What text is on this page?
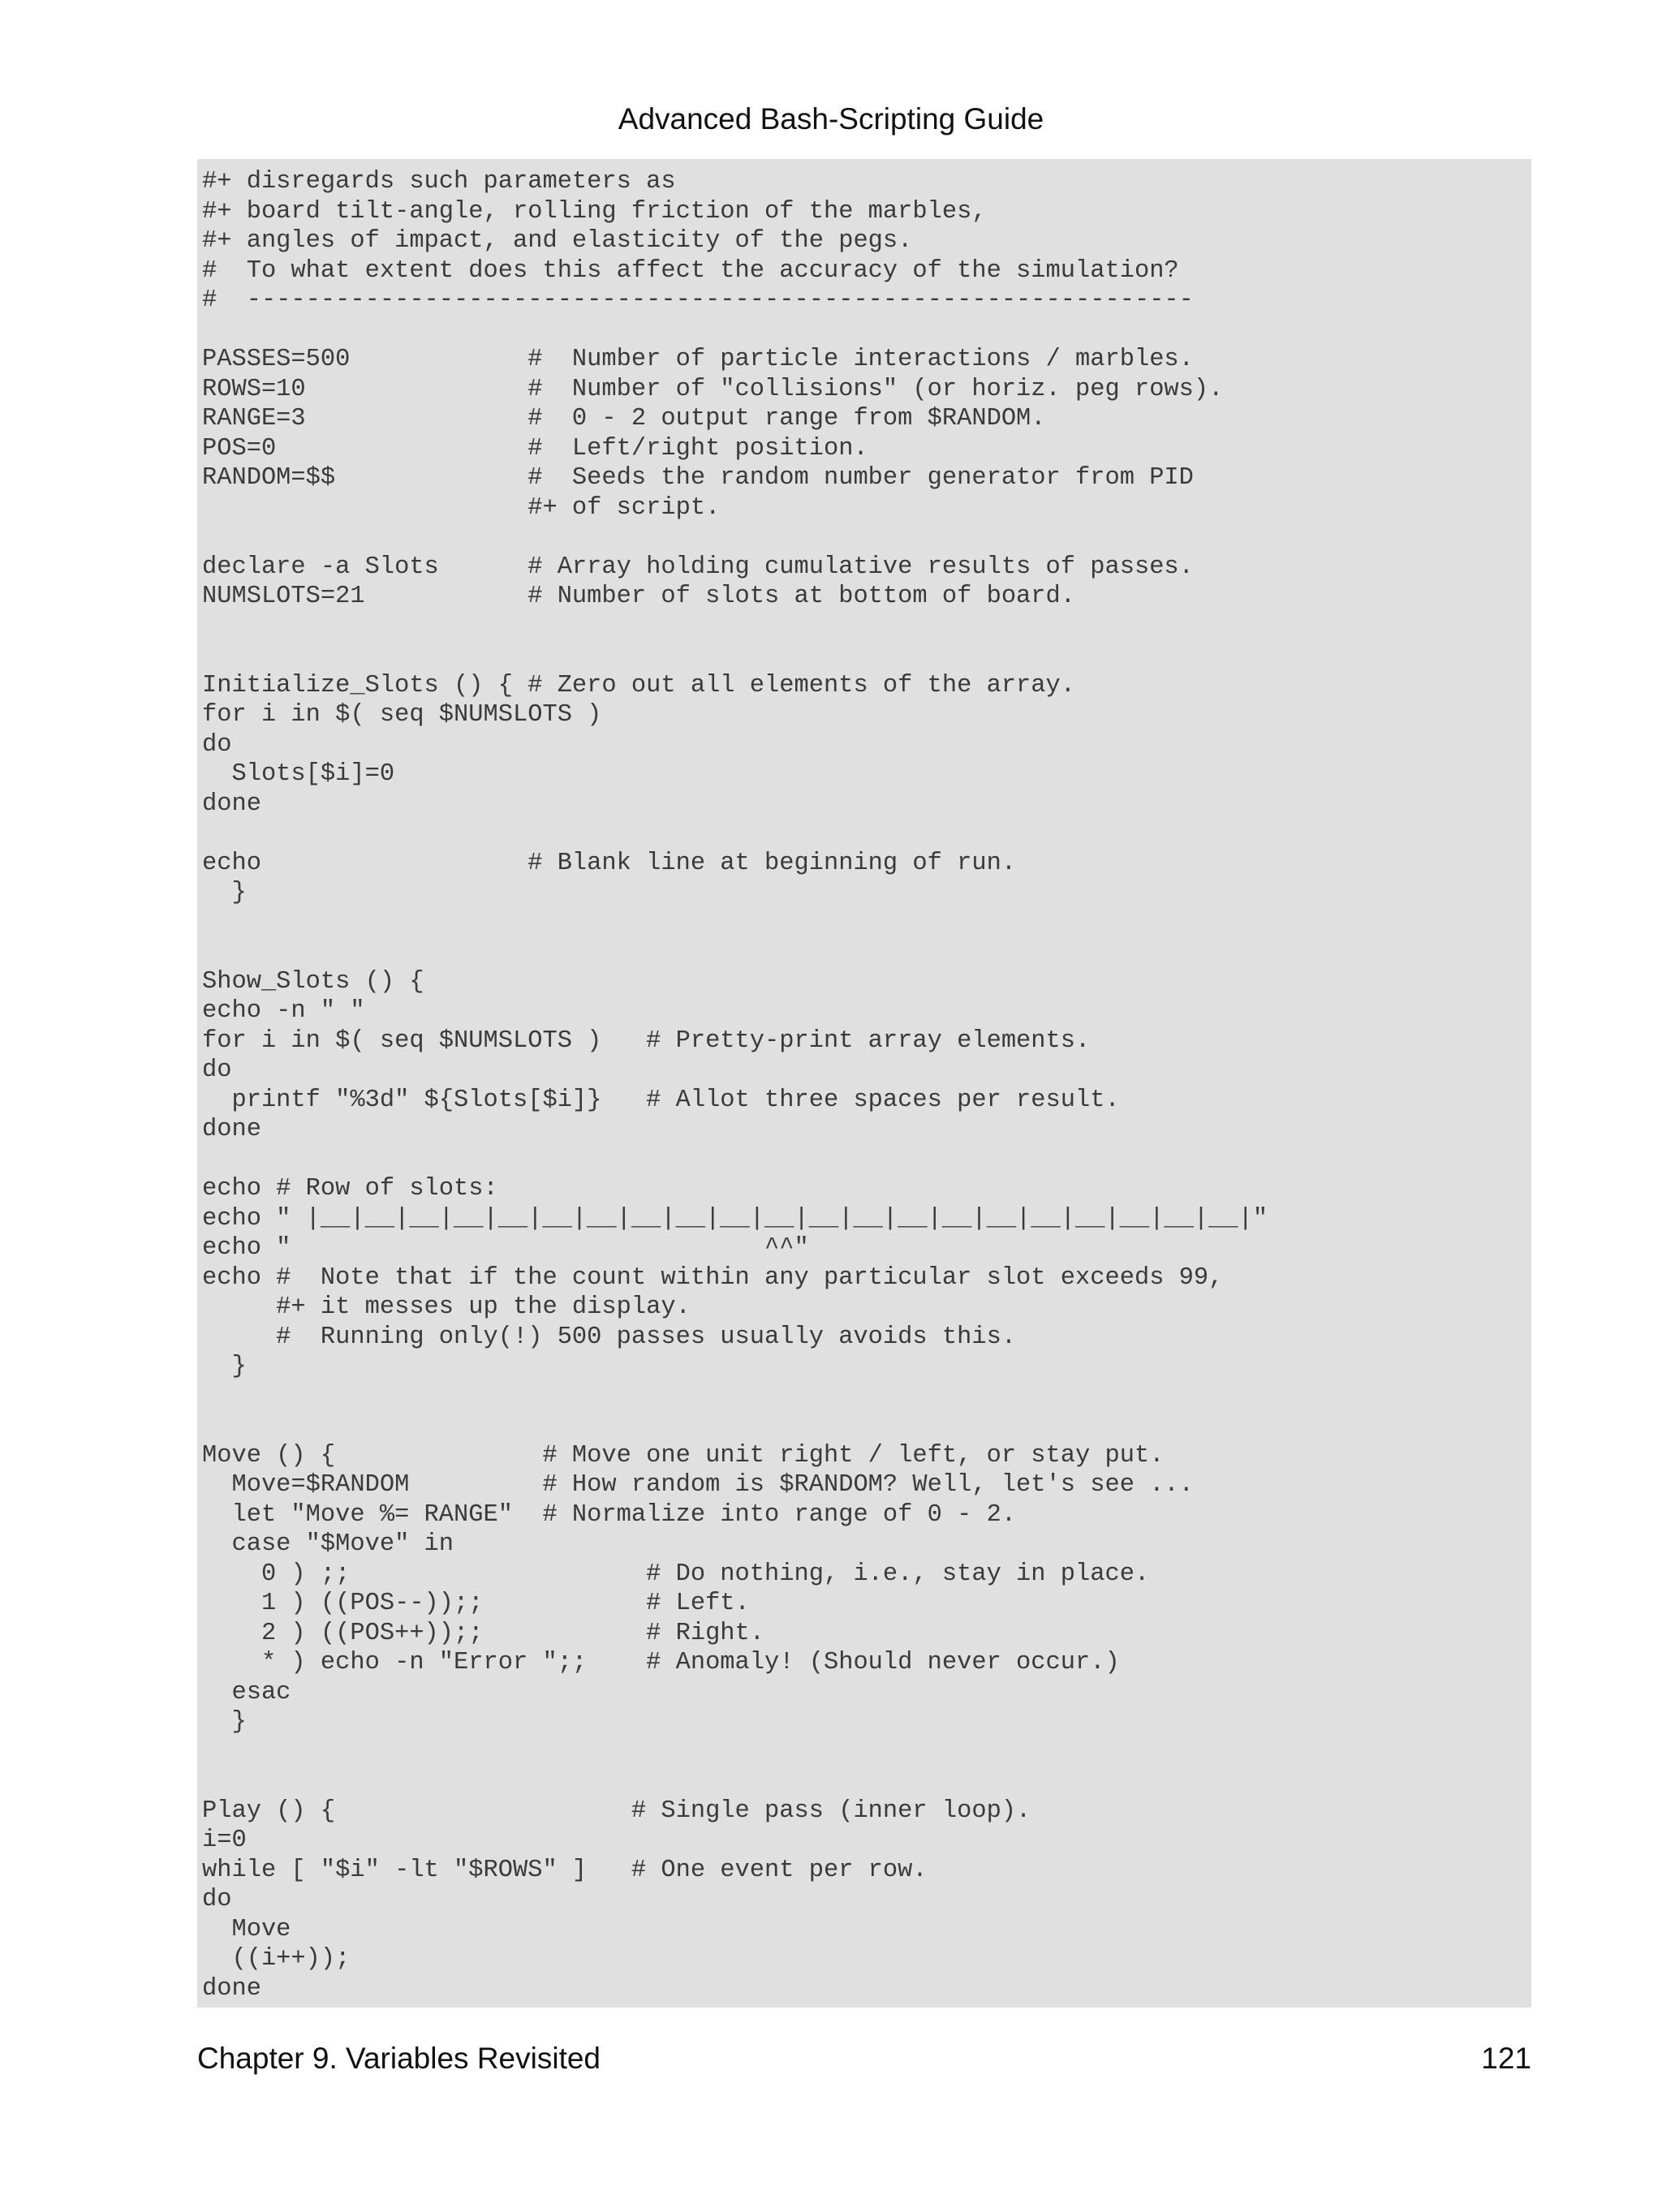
Advanced Bash-Scripting Guide
#+ disregards such parameters as
#+ board tilt-angle, rolling friction of the marbles,
#+ angles of impact, and elasticity of the pegs.
#  To what extent does this affect the accuracy of the simulation?
#  ----------------------------------------------------------------
PASSES=500            #  Number of particle interactions / marbles.
ROWS=10               #  Number of "collisions" (or horiz. peg rows).
RANGE=3               #  0 - 2 output range from $RANDOM.
POS=0                 #  Left/right position.
RANDOM=$$             #  Seeds the random number generator from PID
#+ of script.
declare -a Slots      # Array holding cumulative results of passes.
NUMSLOTS=21           # Number of slots at bottom of board.
Initialize_Slots () { # Zero out all elements of the array.
for i in $( seq $NUMSLOTS )
do
Slots[$i]=0
done
echo                  # Blank line at beginning of run.
}
Show_Slots () {
echo -n " "
for i in $( seq $NUMSLOTS )   # Pretty-print array elements.
do
printf "%3d" ${Slots[$i]}   # Allot three spaces per result.
done
echo # Row of slots:
echo " |__|__|__|__|__|__|__|__|__|__|__|__|__|__|__|__|__|__|__|__|__|"
echo "                                ^^"
echo #  Note that if the count within any particular slot exceeds 99,
#+ it messes up the display.
#  Running only(!) 500 passes usually avoids this.
}
Move () {              # Move one unit right / left, or stay put.
Move=$RANDOM         # How random is $RANDOM? Well, let's see ...
let "Move %= RANGE"  # Normalize into range of 0 - 2.
case "$Move" in
0 ) ;;                    # Do nothing, i.e., stay in place.
1 ) ((POS--));;           # Left.
2 ) ((POS++));;           # Right.
* ) echo -n "Error ";;    # Anomaly! (Should never occur.)
esac
}
Play () {                    # Single pass (inner loop).
i=0
while [ "$i" -lt "$ROWS" ]   # One event per row.
do
Move
((i++));
done
Chapter 9. Variables Revisited	121
